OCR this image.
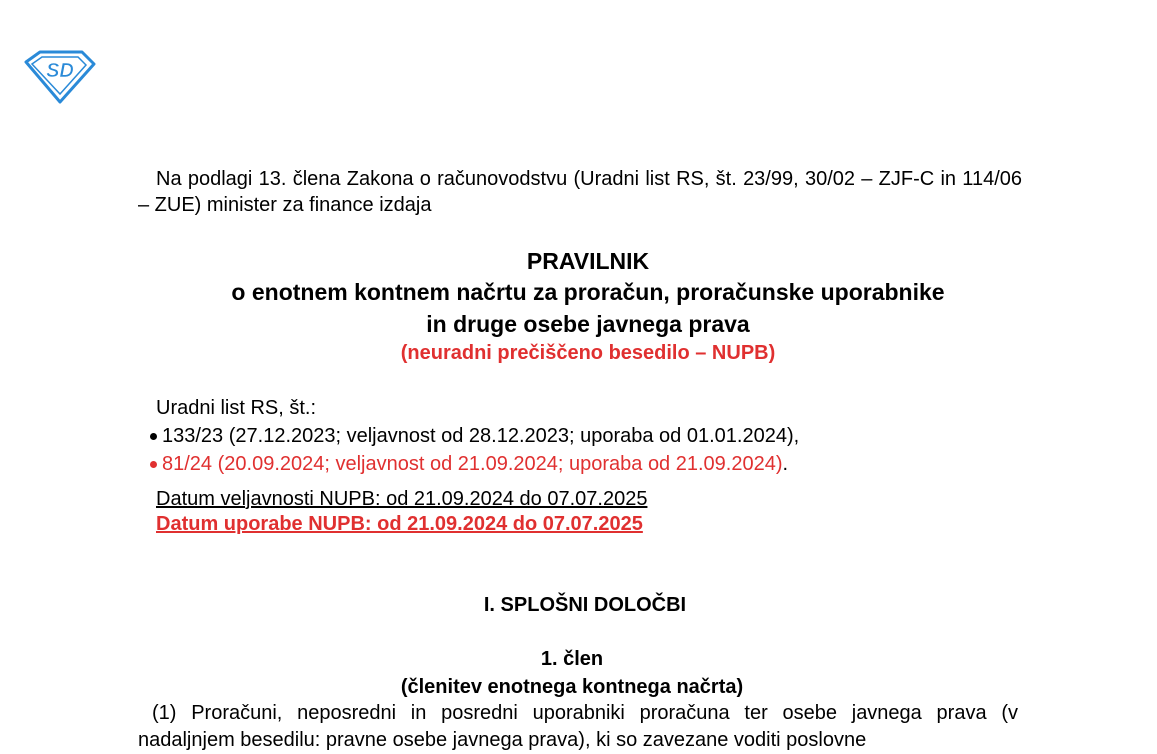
SD
Na podlagi 13. člena Zakona o računovodstvu (Uradni list RS, št. 23/99, 30/02 – ZJF-C in 114/06 – ZUE) minister za finance izdaja

PRAVILNIK

o enotnem kontnem načrtu za proračun, proračunske uporabnike

in druge osebe javnega prava

(neuradni prečiščeno besedilo – NUPB)

Uradni list RS, št.:
133/23 (27.12.2023; veljavnost od 28.12.2023; uporaba od 01.01.2024),
81/24 (20.09.2024; veljavnost od 21.09.2024; uporaba od 21.09.2024) .
Datum veljavnosti NUPB: od 21.09.2024 do 07.07.2025
Datum uporabe NUPB: od 21.09.2024 do 07.07.2025
I. SPLOŠNI DOLOČBI

1. člen

(členitev enotnega kontnega načrta)

(1) Proračuni, neposredni in posredni uporabniki proračuna ter osebe javnega prava (v nadaljnjem besedilu: pravne osebe javnega prava), ki so zavezane voditi poslovne
